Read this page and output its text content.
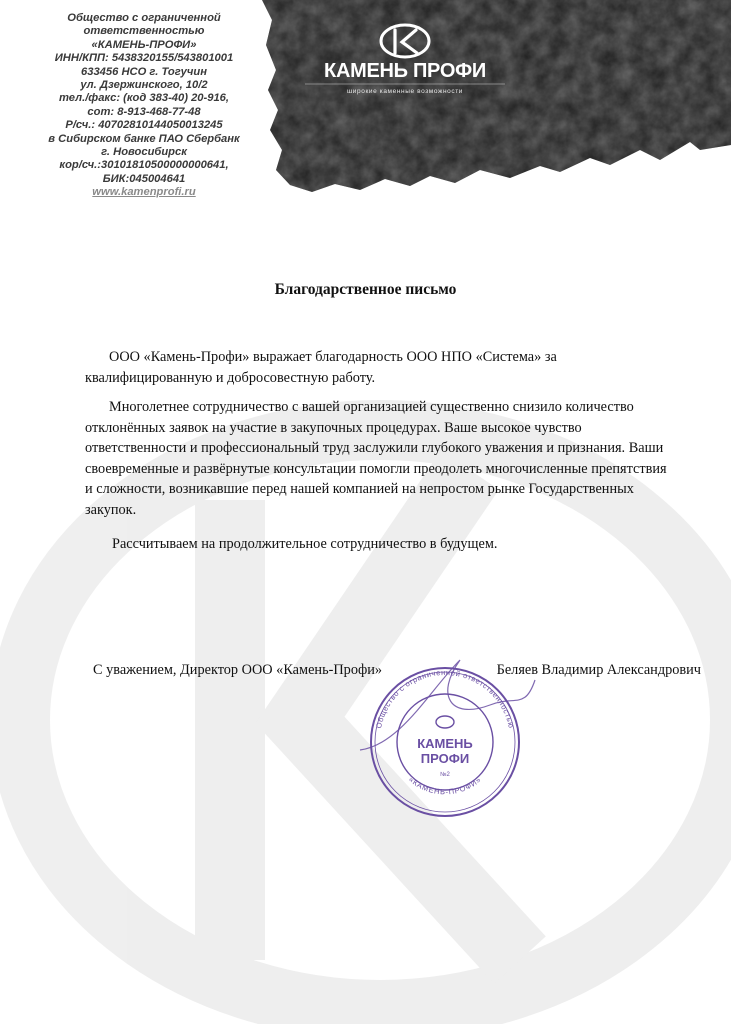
КАМЕНЬ ПРОФИ
широкие каменные возможности
Общество с ограниченной
ответственностью
«КАМЕНЬ-ПРОФИ»
ИНН/КПП: 5438320155/543801001
633456 НСО г. Тогучин
ул. Дзержинского, 10/2
тел./факс: (код 383-40) 20-916,
сот: 8-913-468-77-48
Р/сч.: 40702810144050013245
в Сибирском банке ПАО Сбербанк
г. Новосибирск
кор/сч.:30101810500000000641,
БИК:045004641
www.kamenprofi.ru
Благодарственное письмо

ООО «Камень-Профи» выражает благодарность ООО НПО «Система» за квалифицированную и добросовестную работу.

Многолетнее сотрудничество с вашей организацией существенно снизило количество отклонённых заявок на участие в закупочных процедурах. Ваше высокое чувство ответственности и профессиональный труд заслужили глубокого уважения и признания. Ваши своевременные и развёрнутые консультации помогли преодолеть многочисленные препятствия и сложности, возникавшие перед нашей компанией на непростом рынке Государственных закупок.

Рассчитываем на продолжительное сотрудничество в будущем.
С уважением, Директор ООО «Камень-Профи»	Беляев Владимир Александрович
Общество с ограниченной ответственностью
«КАМЕНЬ-ПРОФИ»
КАМЕНЬ
ПРОФИ
№2
